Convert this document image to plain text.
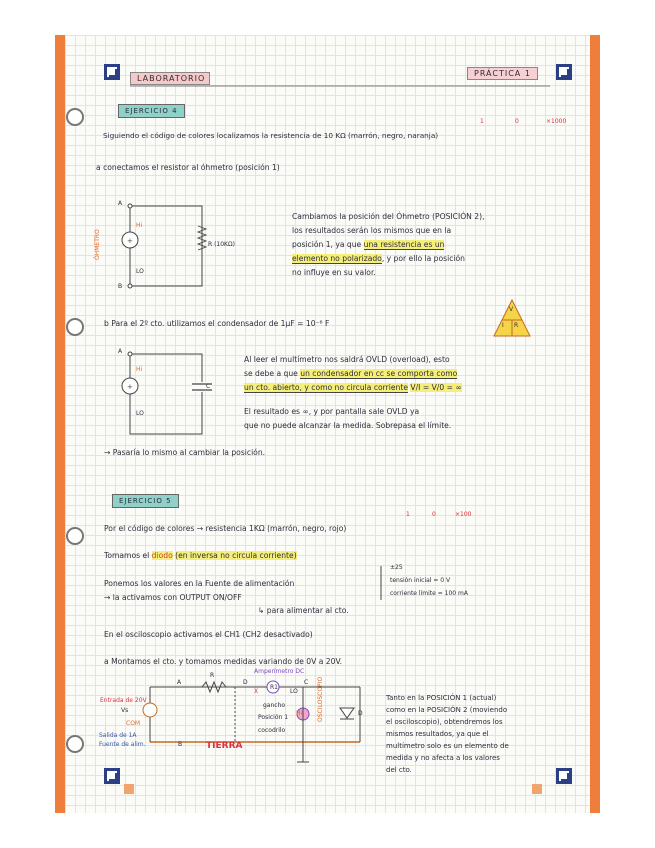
LABORATORIO
PRÁCTICA 1
EJERCICIO 4
1	0	×1000
Siguiendo el código de colores localizamos la resistencia de 10 KΩ (marrón, negro, naranja)
a conectamos el resistor al óhmetro (posición 1)
+
A
B
Hi
LO
ÓHMETRO	R (10KΩ)
Cambiamos la posición del Óhmetro (POSICIÓN 2),
los resultados serán los mismos que en la
posición 1, ya que una resistencia es un
elemento no polarizado, y por ello la posición
no influye en su valor.
b Para el 2º cto. utilizamos el condensador de 1μF = 10⁻⁶ F
V
I R
+
A
Hi
LO
C
Al leer el multímetro nos saldrá OVLD (overload), esto
se debe a que un condensador en cc se comporta como
un cto. abierto, y como no circula corriente V/I = V/0 = ∞
El resultado es ∞, y por pantalla sale OVLD ya
que no puede alcanzar la medida. Sobrepasa el límite.
→ Pasaría lo mismo al cambiar la posición.
EJERCICIO 5
1	0	×100
Por el código de colores → resistencia 1KΩ (marrón, negro, rojo)
Tomamos el diodo (en inversa no circula corriente)
Ponemos los valores en la Fuente de alimentación
±25
tensión inicial = 0 V
corriente límite = 100 mA
→ la activamos con OUTPUT ON/OFF
↳ para alimentar al cto.
En el osciloscopio activamos el CH1 (CH2 desactivado)
a Montamos el cto. y tomamos medidas variando de 0V a 20V.
Amperímetro DC
A
R
D	C
B
D
Entrada de 20V
Vs
COM
Salida de 1A
Fuente de alim.
gancho
Posición 1
cocodrilo
TIERRA
OSCILOSCOPIO
R1
LO
Hi
X
Tanto en la POSICIÓN 1 (actual)
como en la POSICIÓN 2 (moviendo
el osciloscopio), obtendremos los
mismos resultados, ya que el
multímetro solo es un elemento de
medida y no afecta a los valores
del cto.
